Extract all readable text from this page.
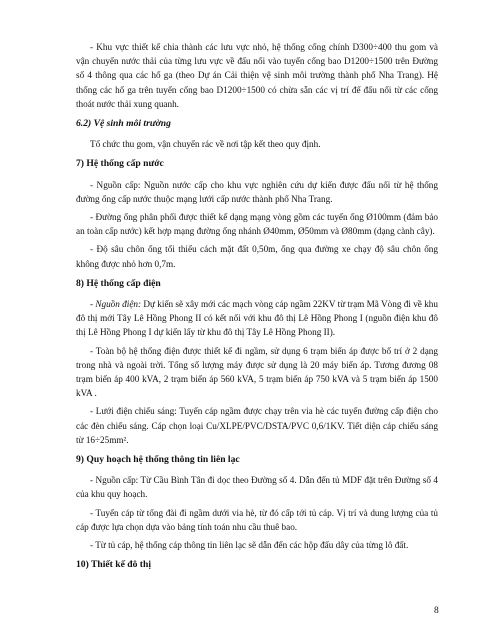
- Khu vực thiết kế chia thành các lưu vực nhỏ, hệ thống cống chính D300÷400 thu gom và vận chuyển nước thải của từng lưu vực về đấu nối vào tuyến cống bao D1200÷1500 trên Đường số 4 thông qua các hố ga (theo Dự án Cải thiện vệ sinh môi trường thành phố Nha Trang). Hệ thống các hố ga trên tuyến cống bao D1200÷1500 có chừa sẵn các vị trí để đấu nối từ các cống thoát nước thải xung quanh.

6.2) Vệ sinh môi trường

Tổ chức thu gom, vận chuyển rác về nơi tập kết theo quy định.

7) Hệ thống cấp nước

- Nguồn cấp: Nguồn nước cấp cho khu vực nghiên cứu dự kiến được đấu nối từ hệ thống đường ống cấp nước thuộc mạng lưới cấp nước thành phố Nha Trang.

- Đường ống phân phối được thiết kế dạng mạng vòng gồm các tuyến ống Ø100mm (đảm bảo an toàn cấp nước) kết hợp mạng đường ống nhánh Ø40mm, Ø50mm và Ø80mm (dạng cành cây).

- Độ sâu chôn ống tối thiểu cách mặt đất 0,50m, ống qua đường xe chạy độ sâu chôn ống không được nhỏ hơn 0,7m.

8) Hệ thống cấp điện

- Nguồn điện: Dự kiến sẽ xây mới các mạch vòng cáp ngầm 22KV từ trạm Mã Vòng đi về khu đô thị mới Tây Lê Hồng Phong II có kết nối với khu đô thị Lê Hồng Phong I (nguồn điện khu đô thị Lê Hồng Phong I dự kiến lấy từ khu đô thị Tây Lê Hồng Phong II).

- Toàn bộ hệ thống điện được thiết kế đi ngầm, sử dụng 6 trạm biến áp được bố trí ở 2 dạng trong nhà và ngoài trời. Tổng số lượng máy được sử dụng là 20 máy biến áp. Tương đương 08 trạm biến áp 400 kVA, 2 trạm biến áp 560 kVA, 5 trạm biến áp 750 kVA và 5 trạm biến áp 1500 kVA .

- Lưới điện chiếu sáng: Tuyến cáp ngầm được chạy trên via hè các tuyến đường cấp điện cho các đèn chiếu sáng. Cáp chọn loại Cu/XLPE/PVC/DSTA/PVC 0,6/1KV. Tiết diện cáp chiếu sáng từ 16÷25mm².

9) Quy hoạch hệ thống thông tin liên lạc

- Nguồn cấp: Từ Cầu Bình Tân đi dọc theo Đường số 4. Dẫn đến tủ MDF đặt trên Đường số 4 của khu quy hoạch.

- Tuyến cáp từ tổng đài đi ngầm dưới via hè, từ đó cấp tới tủ cáp. Vị trí và dung lượng của tủ cáp được lựa chọn dựa vào bảng tính toán nhu cầu thuê bao.

- Từ tủ cáp, hệ thống cáp thông tin liên lạc sẽ dẫn đến các hộp đấu dây của từng lô đất.

10) Thiết kế đô thị
8
